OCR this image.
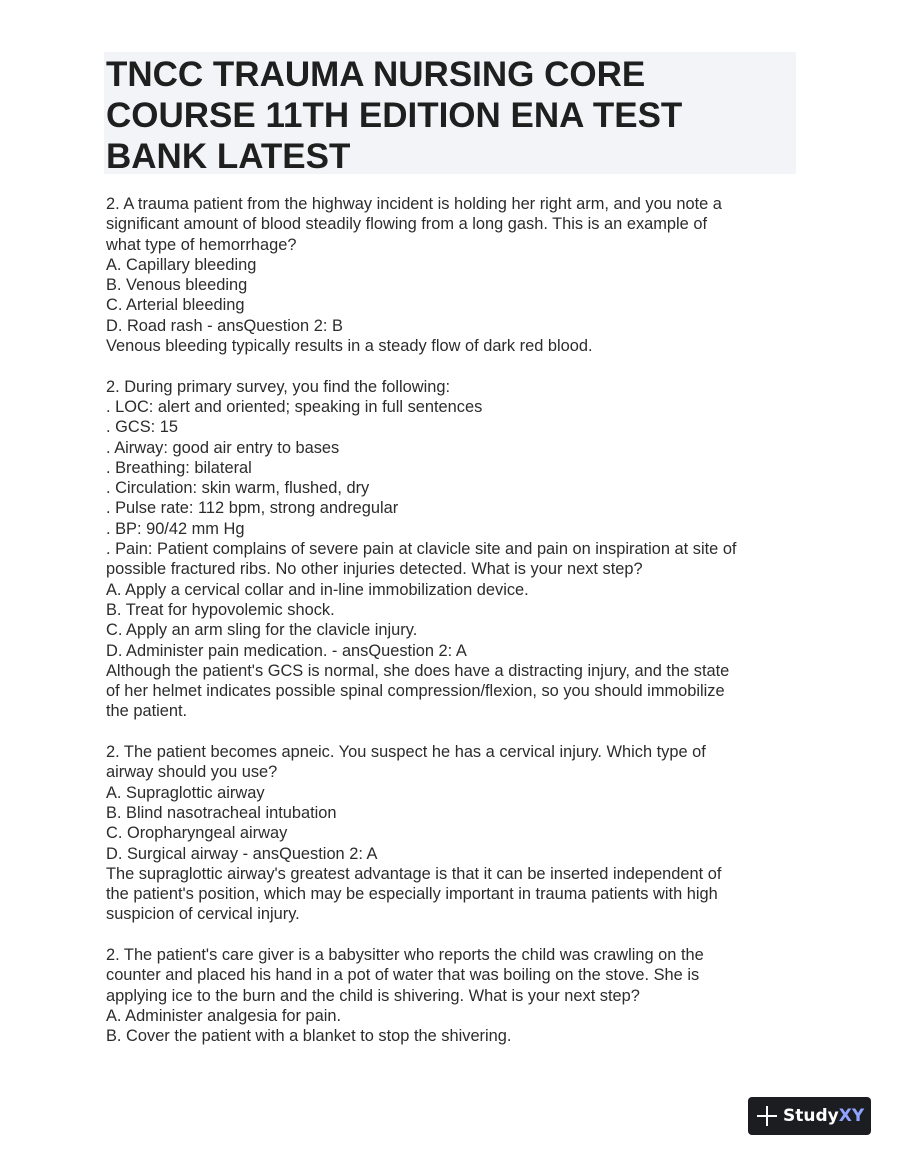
TNCC TRAUMA NURSING CORE
COURSE 11TH EDITION ENA TEST
BANK LATEST
2. A trauma patient from the highway incident is holding her right arm, and you note a
significant amount of blood steadily flowing from a long gash. This is an example of
what type of hemorrhage?
A. Capillary bleeding
B. Venous bleeding
C. Arterial bleeding
D. Road rash - ansQuestion 2: B
Venous bleeding typically results in a steady flow of dark red blood.
2. During primary survey, you find the following:
. LOC: alert and oriented; speaking in full sentences
. GCS: 15
. Airway: good air entry to bases
. Breathing: bilateral
. Circulation: skin warm, flushed, dry
. Pulse rate: 112 bpm, strong andregular
. BP: 90/42 mm Hg
. Pain: Patient complains of severe pain at clavicle site and pain on inspiration at site of
possible fractured ribs. No other injuries detected. What is your next step?
A. Apply a cervical collar and in-line immobilization device.
B. Treat for hypovolemic shock.
C. Apply an arm sling for the clavicle injury.
D. Administer pain medication. - ansQuestion 2: A
Although the patient's GCS is normal, she does have a distracting injury, and the state
of her helmet indicates possible spinal compression/flexion, so you should immobilize
the patient.
2. The patient becomes apneic. You suspect he has a cervical injury. Which type of
airway should you use?
A. Supraglottic airway
B. Blind nasotracheal intubation
C. Oropharyngeal airway
D. Surgical airway - ansQuestion 2: A
The supraglottic airway's greatest advantage is that it can be inserted independent of
the patient's position, which may be especially important in trauma patients with high
suspicion of cervical injury.
2. The patient's care giver is a babysitter who reports the child was crawling on the
counter and placed his hand in a pot of water that was boiling on the stove. She is
applying ice to the burn and the child is shivering. What is your next step?
A. Administer analgesia for pain.
B. Cover the patient with a blanket to stop the shivering.
StudyXY
